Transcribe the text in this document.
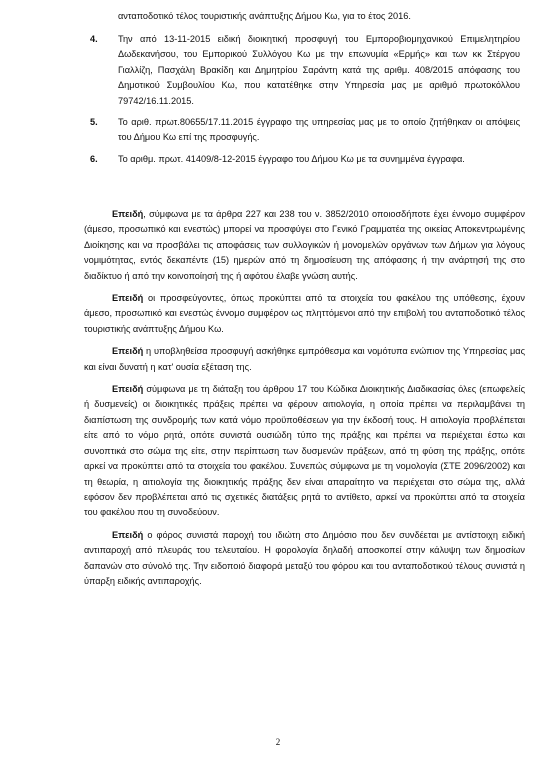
ανταποδοτικό τέλος τουριστικής ανάπτυξης Δήμου Κω, για το έτος 2016.
4. Την από 13-11-2015 ειδική διοικητική προσφυγή του Εμπορoβιομηχανικού Επιμελητηρίου Δωδεκανήσου, του Εμπορικού Συλλόγου Κω με την επωνυμία «Ερμής» και των κκ Στέργου Γιαλλίζη, Πασχάλη Βρακίδη και Δημητρίου Σαράντη κατά της αριθμ. 408/2015 απόφασης του Δημοτικού Συμβουλίου Κω, που κατατέθηκε στην Υπηρεσία μας με αριθμό πρωτοκόλλου 79742/16.11.2015.
5. Το αριθ. πρωτ.80655/17.11.2015 έγγραφο της υπηρεσίας μας με το οποίο ζητήθηκαν οι απόψεις του Δήμου Κω επί της προσφυγής.
6. Το αριθμ. πρωτ. 41409/8-12-2015 έγγραφο του Δήμου Κω με τα συνημμένα έγγραφα.

Επειδή, σύμφωνα με τα άρθρα 227 και 238 του ν. 3852/2010 οποιοσδήποτε έχει έννομο συμφέρον (άμεσο, προσωπικό και ενεστώς) μπορεί να προσφύγει στο Γενικό Γραμματέα της οικείας Αποκεντρωμένης Διοίκησης και να προσβάλει τις αποφάσεις των συλλογικών ή μονομελών οργάνων των Δήμων για λόγους νομιμότητας, εντός δεκαπέντε (15) ημερών από τη δημοσίευση της απόφασης ή την ανάρτησή της στο διαδίκτυο ή από την κοινοποίησή της ή αφότου έλαβε γνώση αυτής.

Επειδή οι προσφεύγοντες, όπως προκύπτει από τα στοιχεία του φακέλου της υπόθεσης, έχουν άμεσο, προσωπικό και ενεστώς έννομο συμφέρον ως πληττόμενοι από την επιβολή του ανταποδοτικό τέλος τουριστικής ανάπτυξης Δήμου Κω.

Επειδή η υποβληθείσα προσφυγή ασκήθηκε εμπρόθεσμα και νομότυπα ενώπιον της Υπηρεσίας μας και είναι δυνατή η κατ' ουσία εξέταση της.

Επειδή σύμφωνα με τη διάταξη του άρθρου 17 του Κώδικα Διοικητικής Διαδικασίας όλες (επωφελείς ή δυσμενείς) οι διοικητικές πράξεις πρέπει να φέρουν αιτιολογία, η οποία πρέπει να περιλαμβάνει τη διαπίστωση της συνδρομής των κατά νόμο προϋποθέσεων για την έκδοσή τους. Η αιτιολογία προβλέπεται είτε από το νόμο ρητά, οπότε συνιστά ουσιώδη τύπο της πράξης και πρέπει να περιέχεται έστω και συνοπτικά στο σώμα της είτε, στην περίπτωση των δυσμενών πράξεων, από τη φύση της πράξης, οπότε αρκεί να προκύπτει από τα στοιχεία του φακέλου. Συνεπώς σύμφωνα με τη νομολογία (ΣΤΕ 2096/2002) και τη θεωρία, η αιτιολογία της διοικητικής πράξης δεν είναι απαραίτητο να περιέχεται στο σώμα της, αλλά εφόσον δεν προβλέπεται από τις σχετικές διατάξεις ρητά το αντίθετο, αρκεί να προκύπτει από τα στοιχεία του φακέλου που τη συνοδεύουν.

Επειδή ο φόρος συνιστά παροχή του ιδιώτη στο Δημόσιο που δεν συνδέεται με αντίστοιχη ειδική αντιπαροχή από πλευράς του τελευταίου. Η φορολογία δηλαδή αποσκοπεί στην κάλυψη των δημοσίων δαπανών στο σύνολό της. Την ειδοποιό διαφορά μεταξύ του φόρου και του ανταποδοτικού τέλους συνιστά η ύπαρξη ειδικής αντιπαροχής.

2
